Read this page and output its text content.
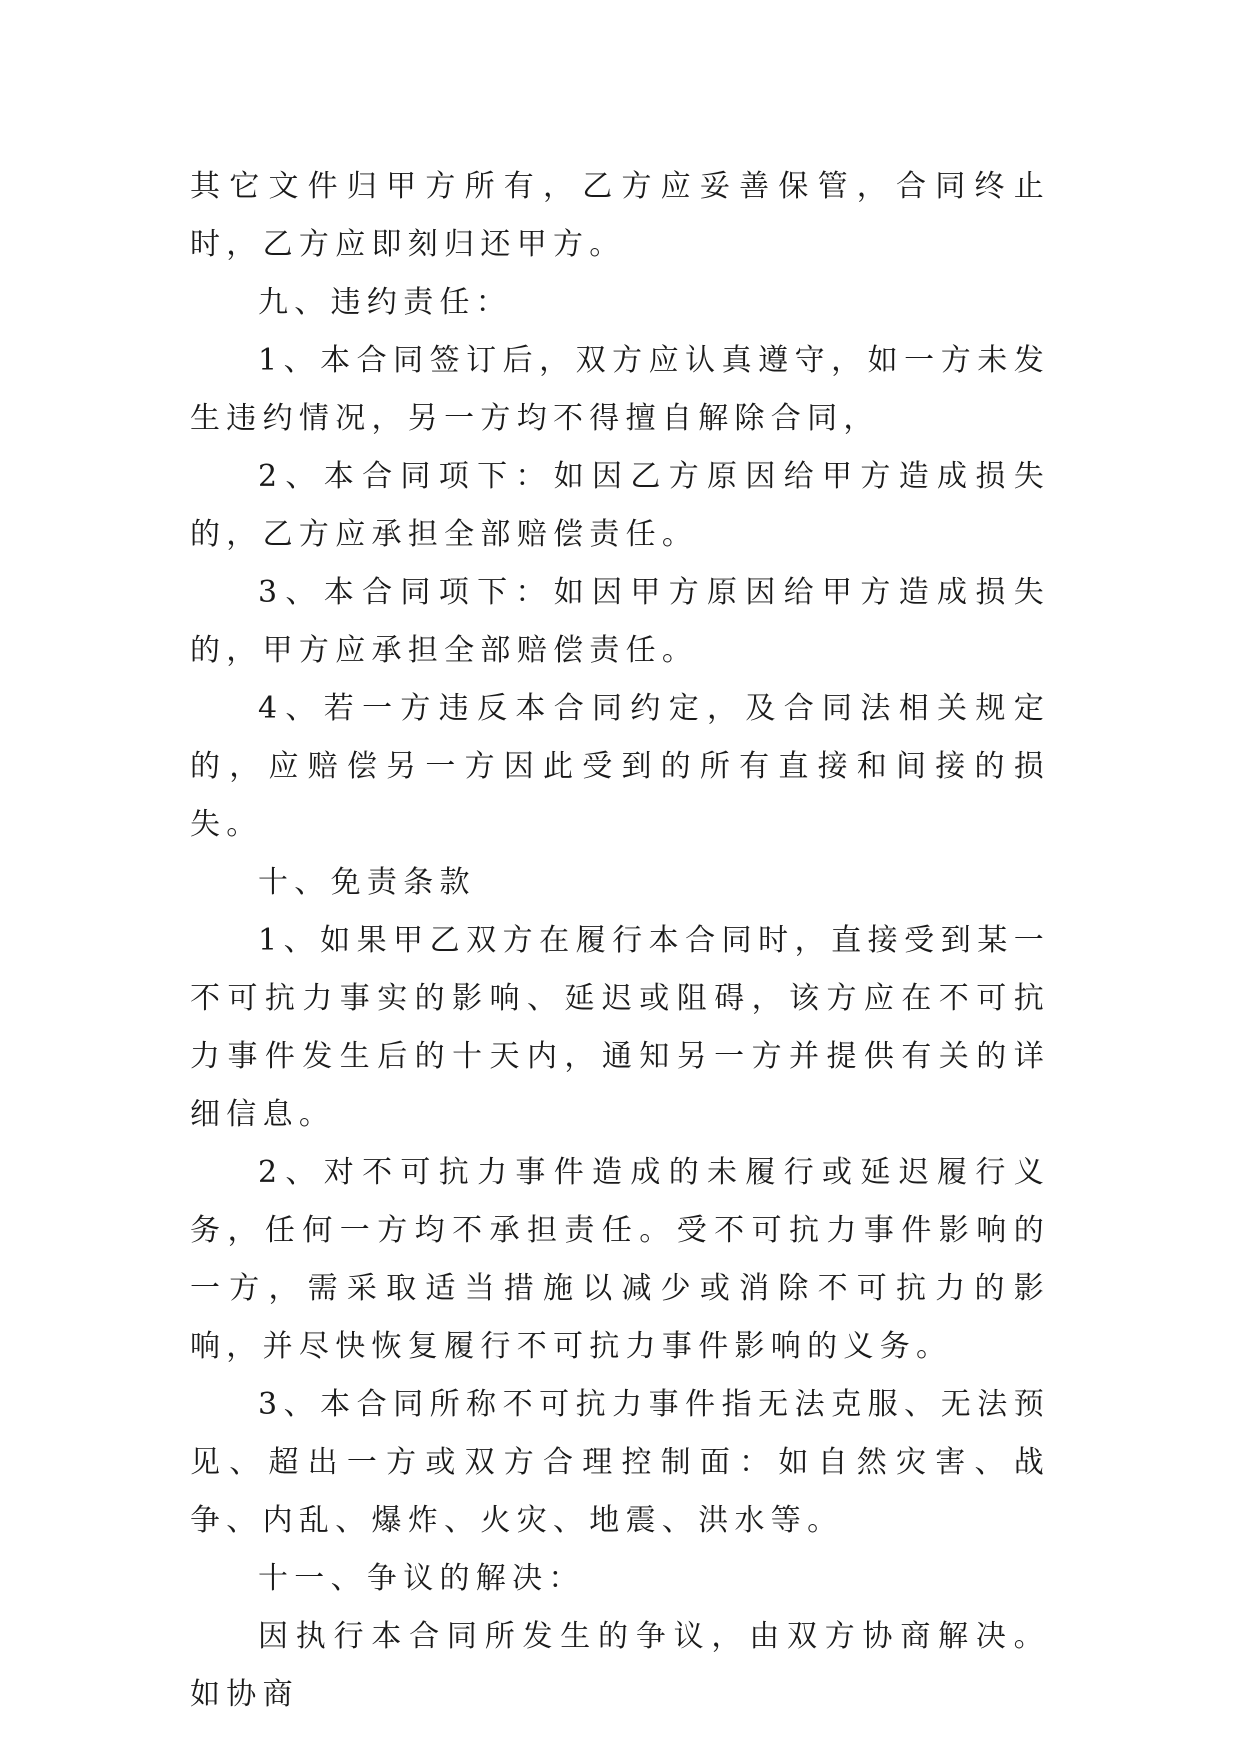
其它文件归甲方所有，乙方应妥善保管，合同终止时，乙方应即刻归还甲方。

九、违约责任：

1、本合同签订后，双方应认真遵守，如一方未发生违约情况，另一方均不得擅自解除合同，

2、本合同项下：如因乙方原因给甲方造成损失的，乙方应承担全部赔偿责任。

3、本合同项下：如因甲方原因给甲方造成损失的，甲方应承担全部赔偿责任。

4、若一方违反本合同约定，及合同法相关规定的，应赔偿另一方因此受到的所有直接和间接的损失。

十、免责条款

1、如果甲乙双方在履行本合同时，直接受到某一不可抗力事实的影响、延迟或阻碍，该方应在不可抗力事件发生后的十天内，通知另一方并提供有关的详细信息。

2、对不可抗力事件造成的未履行或延迟履行义务，任何一方均不承担责任。受不可抗力事件影响的一方，需采取适当措施以减少或消除不可抗力的影响，并尽快恢复履行不可抗力事件影响的义务。

3、本合同所称不可抗力事件指无法克服、无法预见、超出一方或双方合理控制面：如自然灾害、战争、内乱、爆炸、火灾、地震、洪水等。

十一、争议的解决：

因执行本合同所发生的争议，由双方协商解决。如协商
